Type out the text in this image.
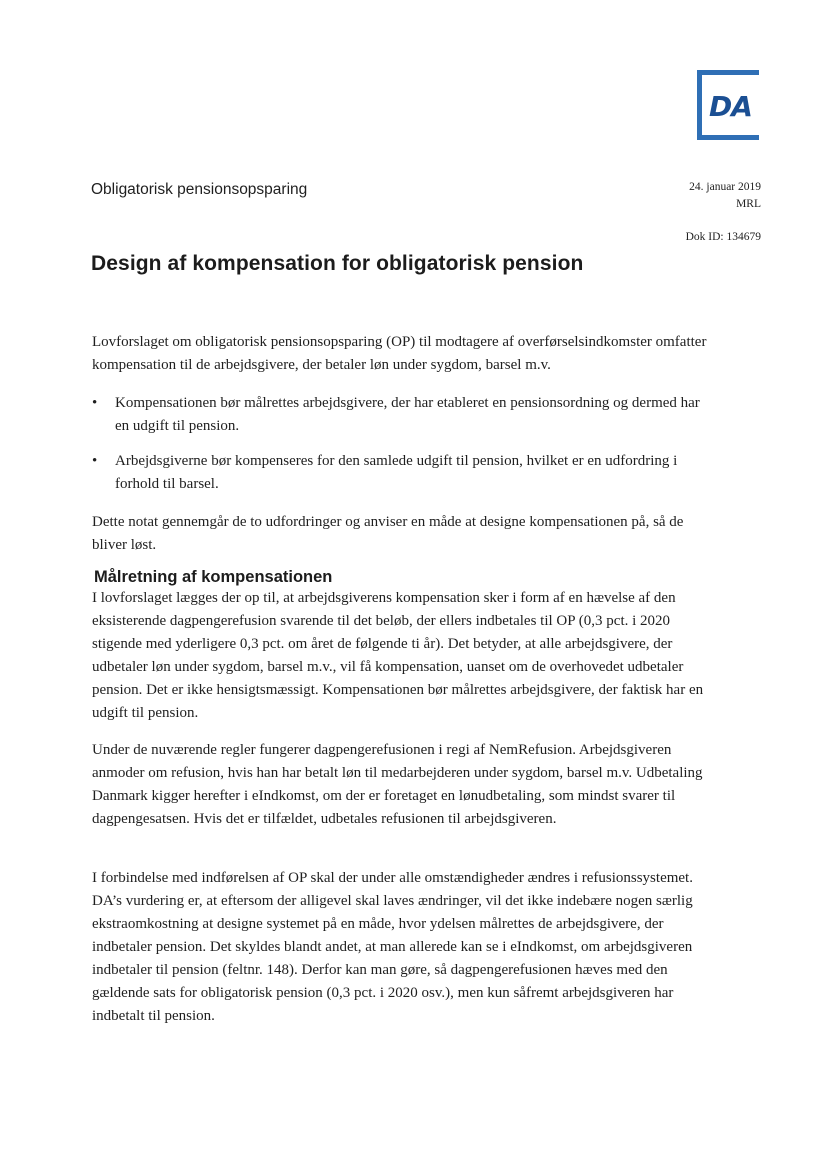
DA
Obligatorisk pensionsopsparing	24. januar 2019
MRL
Dok ID: 134679
Design af kompensation for obligatorisk pension

Lovforslaget om obligatorisk pensionsopsparing (OP) til modtagere af overførselsindkomster omfatter kompensation til de arbejdsgivere, der betaler løn under sygdom, barsel m.v.

• Kompensationen bør målrettes arbejdsgivere, der har etableret en pensionsordning og dermed har en udgift til pension.
• Arbejdsgiverne bør kompenseres for den samlede udgift til pension, hvilket er en udfordring i forhold til barsel.

Dette notat gennemgår de to udfordringer og anviser en måde at designe kompensationen på, så de bliver løst.

Målretning af kompensationen

I lovforslaget lægges der op til, at arbejdsgiverens kompensation sker i form af en hævelse af den eksisterende dagpengerefusion svarende til det beløb, der ellers indbetales til OP (0,3 pct. i 2020 stigende med yderligere 0,3 pct. om året de følgende ti år). Det betyder, at alle arbejdsgivere, der udbetaler løn under sygdom, barsel m.v., vil få kompensation, uanset om de overhovedet udbetaler pension. Det er ikke hensigtsmæssigt. Kompensationen bør målrettes arbejdsgivere, der faktisk har en udgift til pension.

Under de nuværende regler fungerer dagpengerefusionen i regi af NemRefusion. Arbejdsgiveren anmoder om refusion, hvis han har betalt løn til medarbejderen under sygdom, barsel m.v. Udbetaling Danmark kigger herefter i eIndkomst, om der er foretaget en lønudbetaling, som mindst svarer til dagpengesatsen. Hvis det er tilfældet, udbetales refusionen til arbejdsgiveren.

I forbindelse med indførelsen af OP skal der under alle omstændigheder ændres i refusionssystemet. DA’s vurdering er, at eftersom der alligevel skal laves ændringer, vil det ikke indebære nogen særlig ekstraomkostning at designe systemet på en måde, hvor ydelsen målrettes de arbejdsgivere, der indbetaler pension. Det skyldes blandt andet, at man allerede kan se i eIndkomst, om arbejdsgiveren indbetaler til pension (feltnr. 148). Derfor kan man gøre, så dagpengerefusionen hæves med den gældende sats for obligatorisk pension (0,3 pct. i 2020 osv.), men kun såfremt arbejdsgiveren har indbetalt til pension.
